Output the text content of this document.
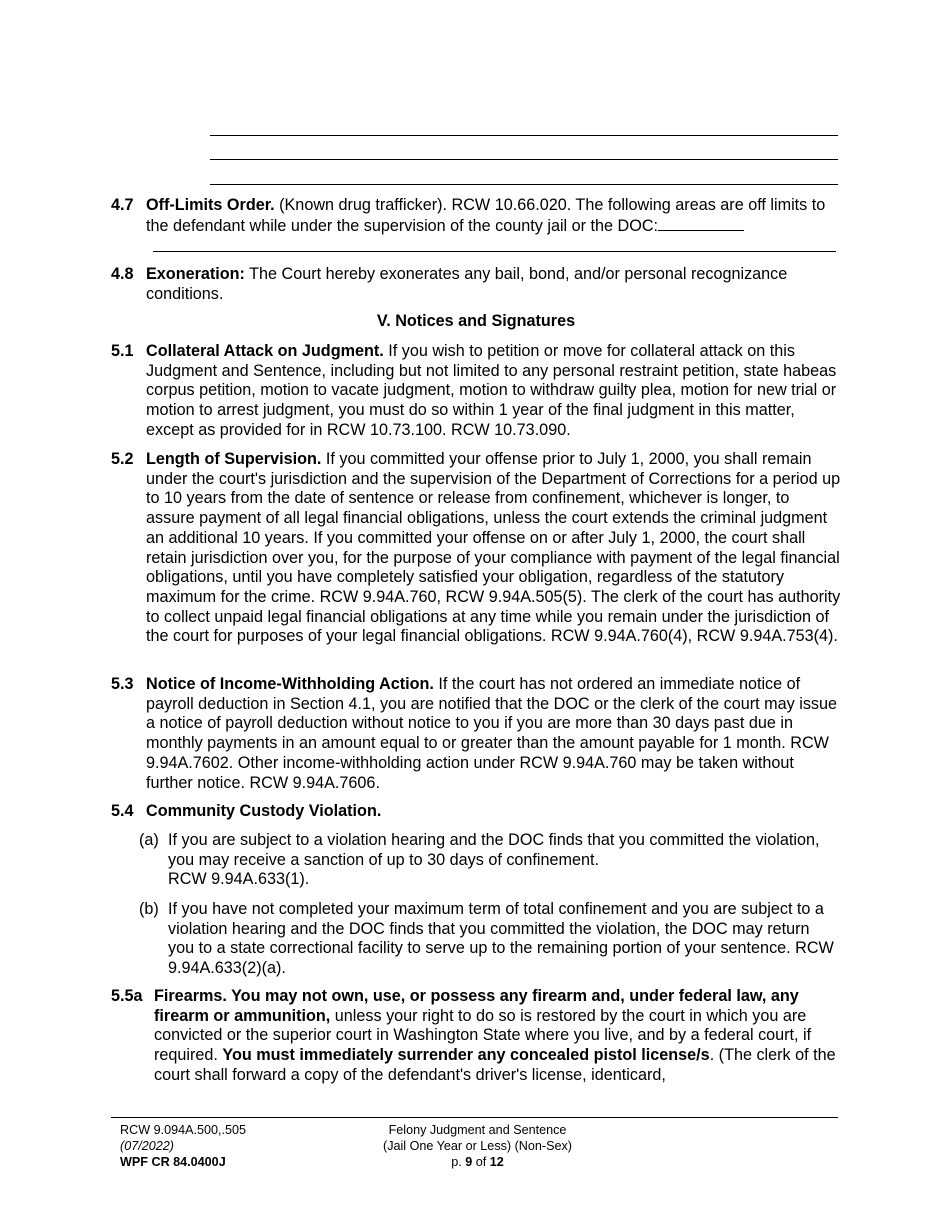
4.7 Off-Limits Order. (Known drug trafficker). RCW 10.66.020. The following areas are off limits to the defendant while under the supervision of the county jail or the DOC:
4.8 Exoneration: The Court hereby exonerates any bail, bond, and/or personal recognizance conditions.
V. Notices and Signatures
5.1 Collateral Attack on Judgment. If you wish to petition or move for collateral attack on this Judgment and Sentence, including but not limited to any personal restraint petition, state habeas corpus petition, motion to vacate judgment, motion to withdraw guilty plea, motion for new trial or motion to arrest judgment, you must do so within 1 year of the final judgment in this matter, except as provided for in RCW 10.73.100. RCW 10.73.090.
5.2 Length of Supervision. If you committed your offense prior to July 1, 2000, you shall remain under the court's jurisdiction and the supervision of the Department of Corrections for a period up to 10 years from the date of sentence or release from confinement, whichever is longer, to assure payment of all legal financial obligations, unless the court extends the criminal judgment an additional 10 years. If you committed your offense on or after July 1, 2000, the court shall retain jurisdiction over you, for the purpose of your compliance with payment of the legal financial obligations, until you have completely satisfied your obligation, regardless of the statutory maximum for the crime. RCW 9.94A.760, RCW 9.94A.505(5). The clerk of the court has authority to collect unpaid legal financial obligations at any time while you remain under the jurisdiction of the court for purposes of your legal financial obligations. RCW 9.94A.760(4), RCW 9.94A.753(4).
5.3 Notice of Income-Withholding Action. If the court has not ordered an immediate notice of payroll deduction in Section 4.1, you are notified that the DOC or the clerk of the court may issue a notice of payroll deduction without notice to you if you are more than 30 days past due in monthly payments in an amount equal to or greater than the amount payable for 1 month. RCW 9.94A.7602. Other income-withholding action under RCW 9.94A.760 may be taken without further notice. RCW 9.94A.7606.
5.4 Community Custody Violation.
(a) If you are subject to a violation hearing and the DOC finds that you committed the violation, you may receive a sanction of up to 30 days of confinement.
RCW 9.94A.633(1).
(b) If you have not completed your maximum term of total confinement and you are subject to a violation hearing and the DOC finds that you committed the violation, the DOC may return you to a state correctional facility to serve up to the remaining portion of your sentence. RCW 9.94A.633(2)(a).
5.5a Firearms. You may not own, use, or possess any firearm and, under federal law, any firearm or ammunition, unless your right to do so is restored by the court in which you are convicted or the superior court in Washington State where you live, and by a federal court, if required. You must immediately surrender any concealed pistol license/s. (The clerk of the court shall forward a copy of the defendant's driver's license, identicard,
RCW 9.094A.500,.505
(07/2022)
WPF CR 84.0400J
Felony Judgment and Sentence
(Jail One Year or Less) (Non-Sex)
p. 9 of 12
